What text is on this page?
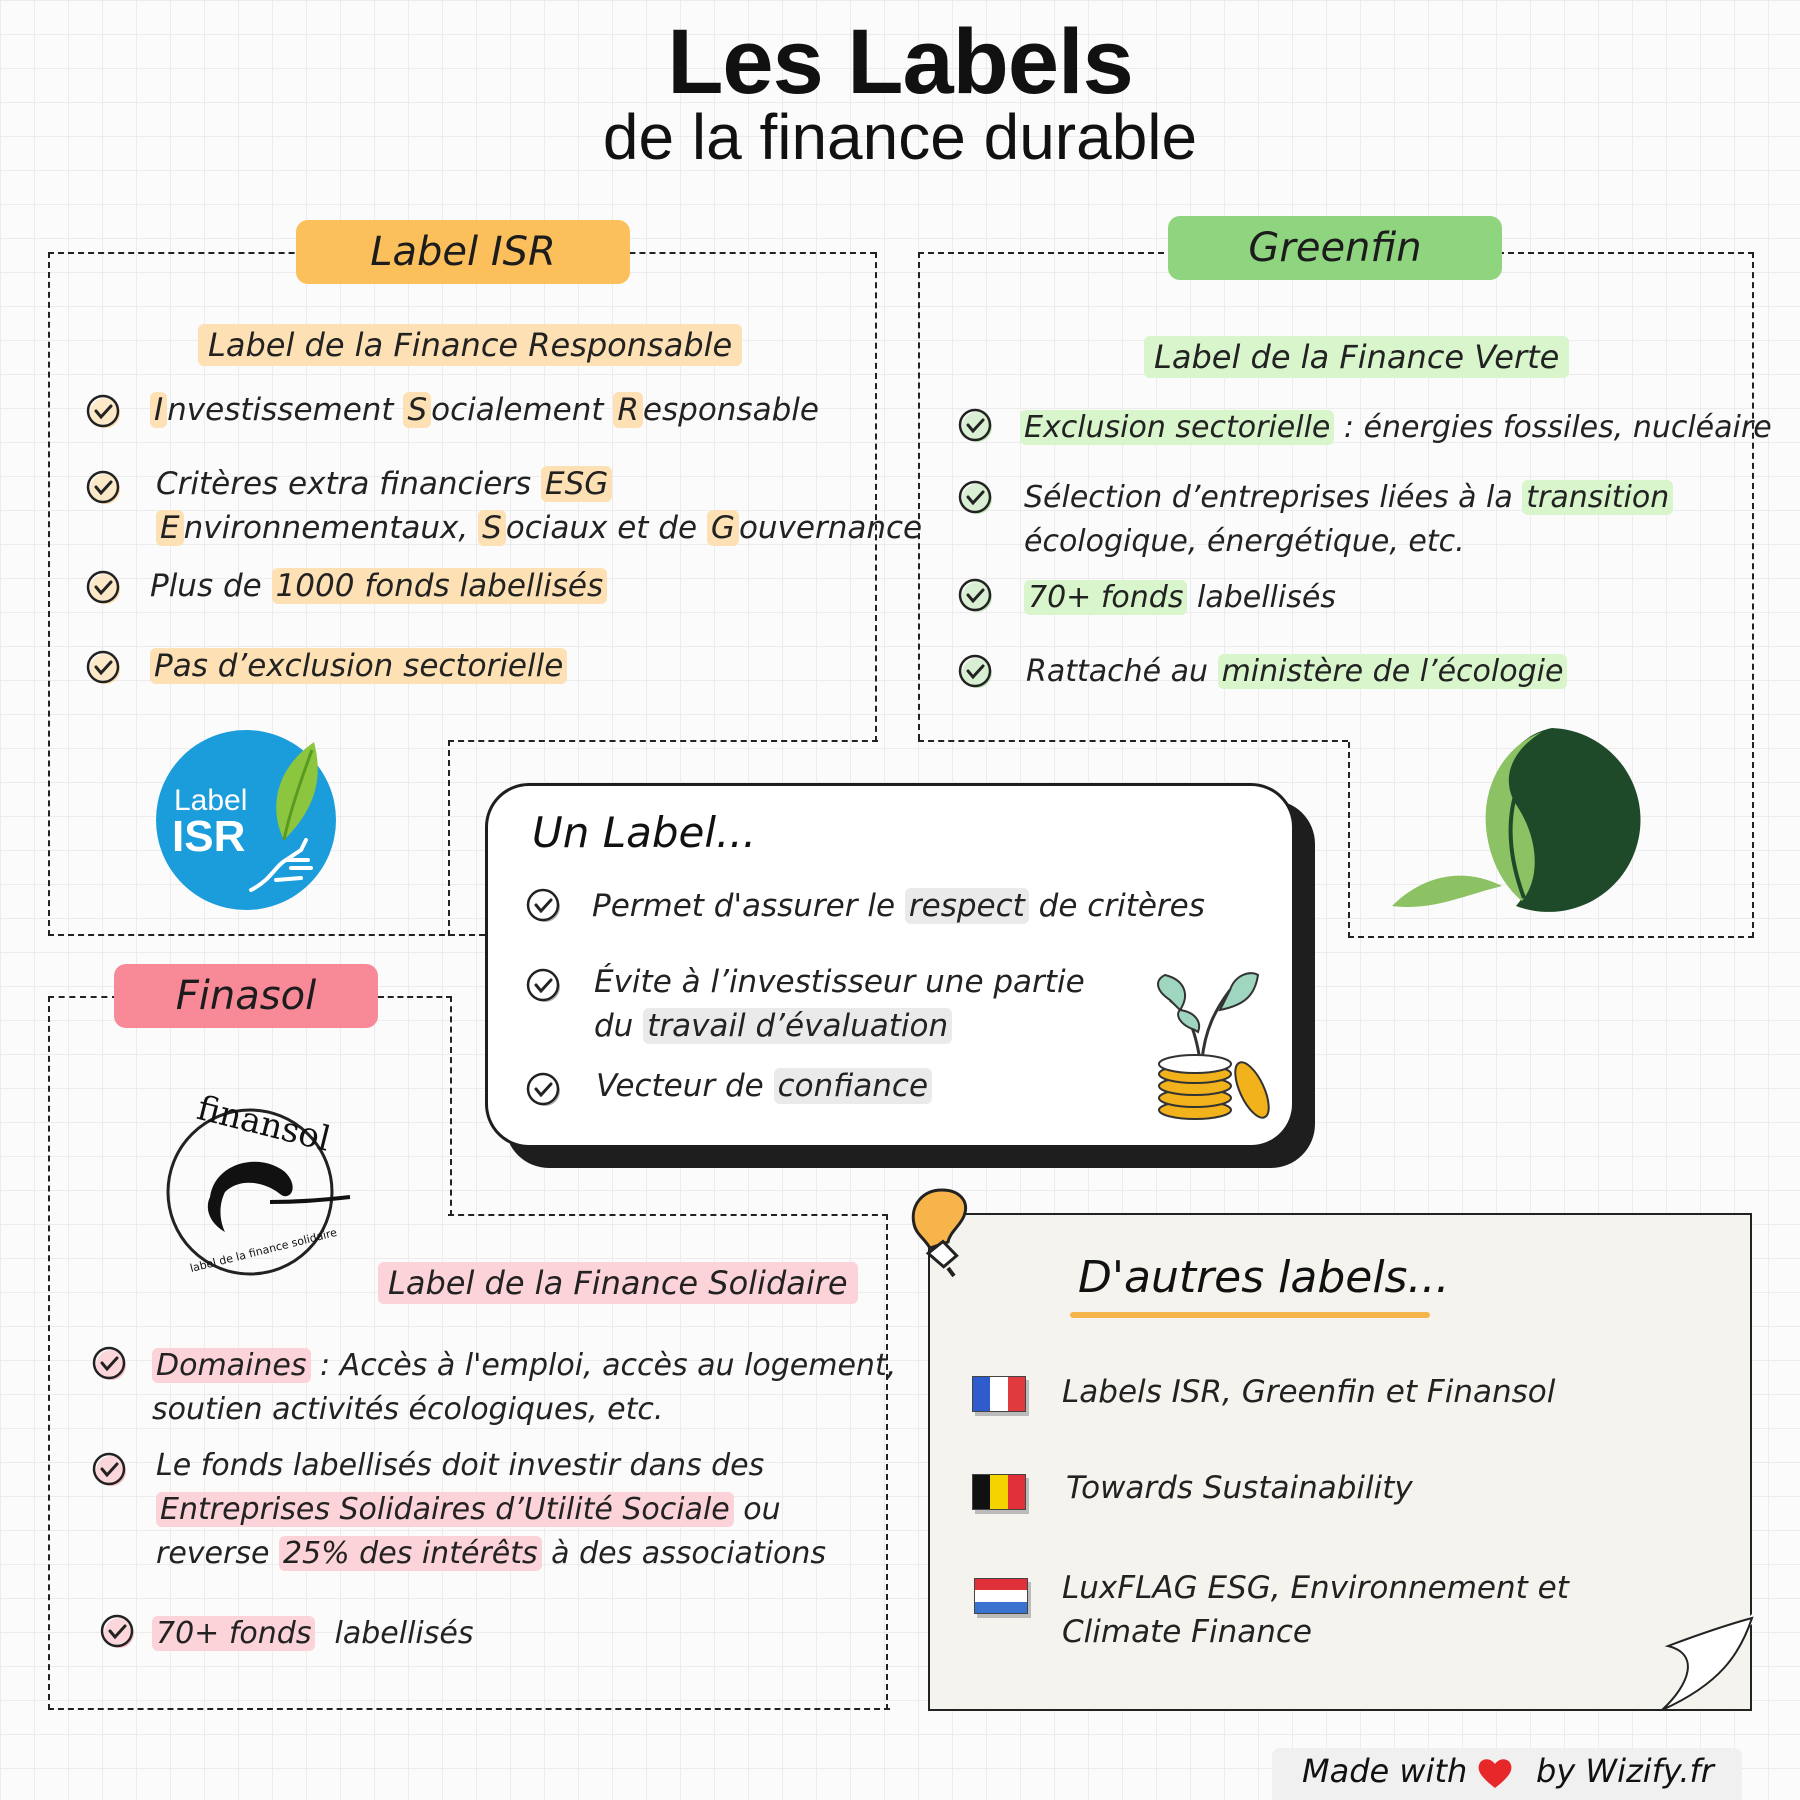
Les Labels
de la finance durable
Label ISR
Label de la Finance Responsable
I nvestissement S ocialement R esponsable
Critères extra financiers ESG
E nvironnementaux, S ociaux et de G ouvernance
Plus de 1000 fonds labellisés
Pas d’exclusion sectorielle
Label
ISR
Greenfin
Label de la Finance Verte
Exclusion sectorielle : énergies fossiles, nucléaire
Sélection d’entreprises liées à la transition
écologique, énergétique, etc.
70+ fonds labellisés
Rattaché au ministère de l’écologie
Un Label...
Permet d'assurer le respect de critères
Évite à l’investisseur une partie
du travail d’évaluation
Vecteur de confiance
Finasol
finansol
label de la finance solidaire
Label de la Finance Solidaire
Domaines : Accès à l'emploi, accès au logement,
soutien activités écologiques, etc.
Le fonds labellisés doit investir dans des
Entreprises Solidaires d’Utilité Sociale ou
reverse 25% des intérêts à des associations
70+ fonds labellisés
D'autres labels...
Labels ISR, Greenfin et Finansol
Towards Sustainability
LuxFLAG ESG, Environnement et
Climate Finance
Made with by Wizify.fr
